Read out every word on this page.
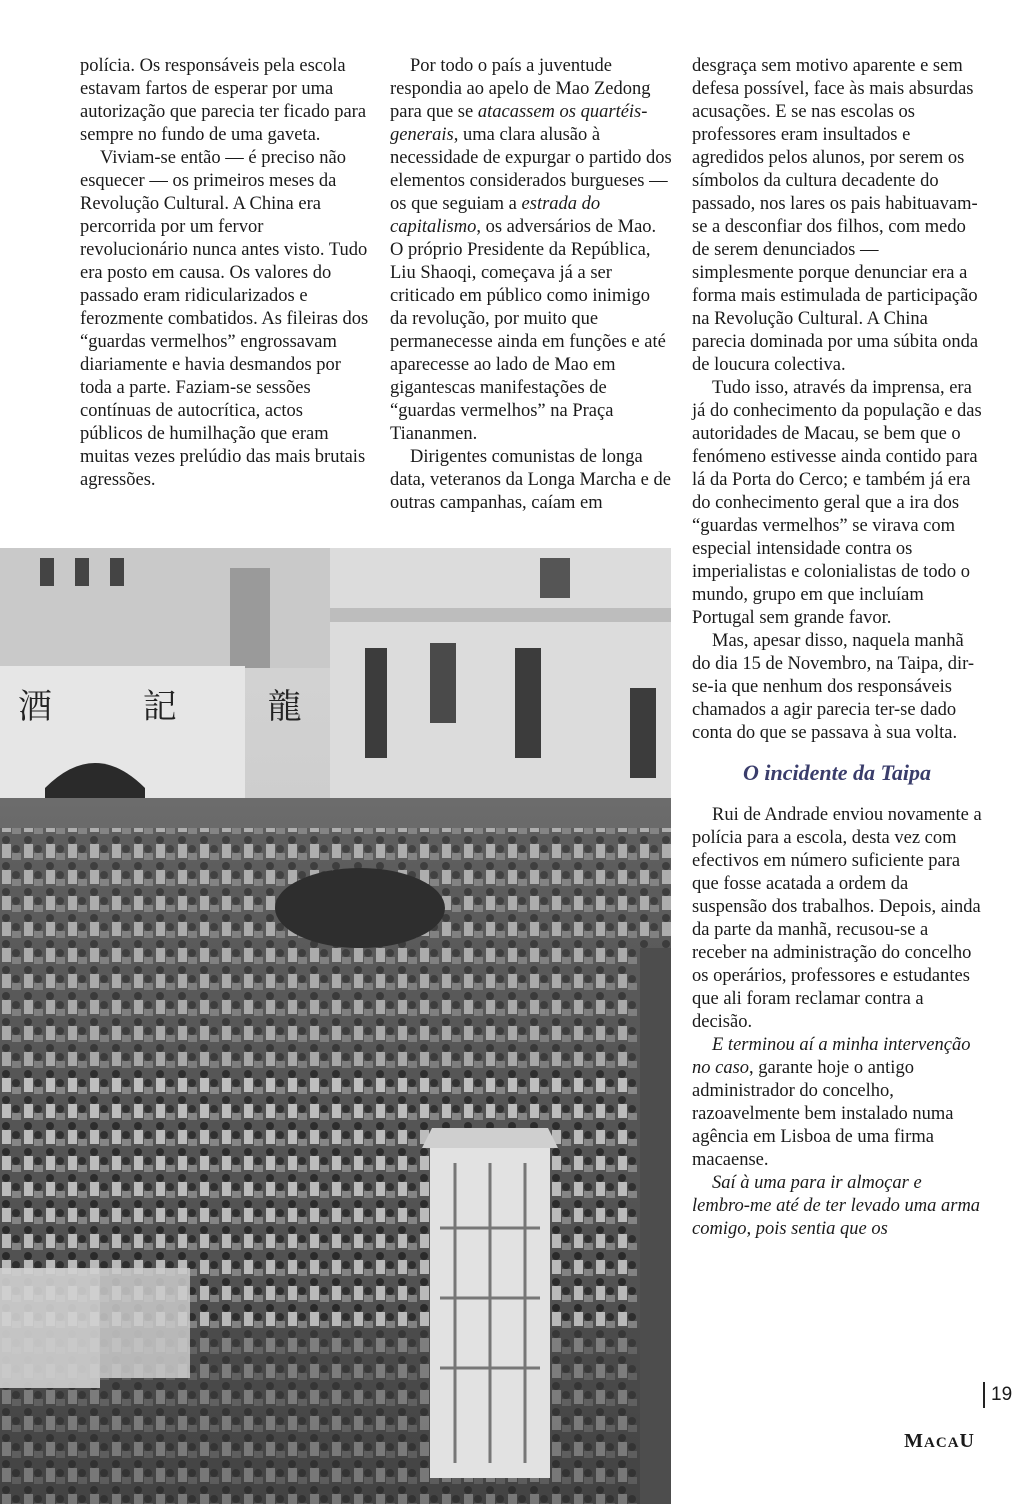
polícia. Os responsáveis pela escola estavam fartos de esperar por uma autorização que parecia ter ficado para sempre no fundo de uma gaveta.

Viviam-se então — é preciso não esquecer — os primeiros meses da Revolução Cultural. A China era percorrida por um fervor revolucionário nunca antes visto. Tudo era posto em causa. Os valores do passado eram ridicularizados e ferozmente combatidos. As fileiras dos “guardas vermelhos” engrossavam diariamente e havia desmandos por toda a parte. Faziam-se sessões contínuas de autocrítica, actos públicos de humilhação que eram muitas vezes prelúdio das mais brutais agressões.

Por todo o país a juventude respondia ao apelo de Mao Zedong para que se atacassem os quartéis-generais, uma clara alusão à necessidade de expurgar o partido dos elementos considerados burgueses — os que seguiam a estrada do capitalismo, os adversários de Mao. O próprio Presidente da República, Liu Shaoqi, começava já a ser criticado em público como inimigo da revolução, por muito que permanecesse ainda em funções e até aparecesse ao lado de Mao em gigantescas manifestações de “guardas vermelhos” na Praça Tiananmen.

Dirigentes comunistas de longa data, veteranos da Longa Marcha e de outras campanhas, caíam em

desgraça sem motivo aparente e sem defesa possível, face às mais absurdas acusações. E se nas escolas os professores eram insultados e agredidos pelos alunos, por serem os símbolos da cultura decadente do passado, nos lares os pais habituavam-se a desconfiar dos filhos, com medo de serem denunciados — simplesmente porque denunciar era a forma mais estimulada de participação na Revolução Cultural. A China parecia dominada por uma súbita onda de loucura colectiva.

Tudo isso, através da imprensa, era já do conhecimento da população e das autoridades de Macau, se bem que o fenómeno estivesse ainda contido para lá da Porta do Cerco; e também já era do conhecimento geral que a ira dos “guardas vermelhos” se virava com especial intensidade contra os imperialistas e colonialistas de todo o mundo, grupo em que incluíam Portugal sem grande favor.

Mas, apesar disso, naquela manhã do dia 15 de Novembro, na Taipa, dir-se-ia que nenhum dos responsáveis chamados a agir parecia ter-se dado conta do que se passava à sua volta.

O incidente da Taipa

Rui de Andrade enviou novamente a polícia para a escola, desta vez com efectivos em número suficiente para que fosse acatada a ordem da suspensão dos trabalhos. Depois, ainda da parte da manhã, recusou-se a receber na administração do concelho os operários, professores e estudantes que ali foram reclamar contra a decisão.

E terminou aí a minha intervenção no caso, garante hoje o antigo administrador do concelho, razoavelmente bem instalado numa agência em Lisboa de uma firma macaense.

Saí à uma para ir almoçar e lembro-me até de ter levado uma arma comigo, pois sentia que os

酒 記 龍
19
MACAU
